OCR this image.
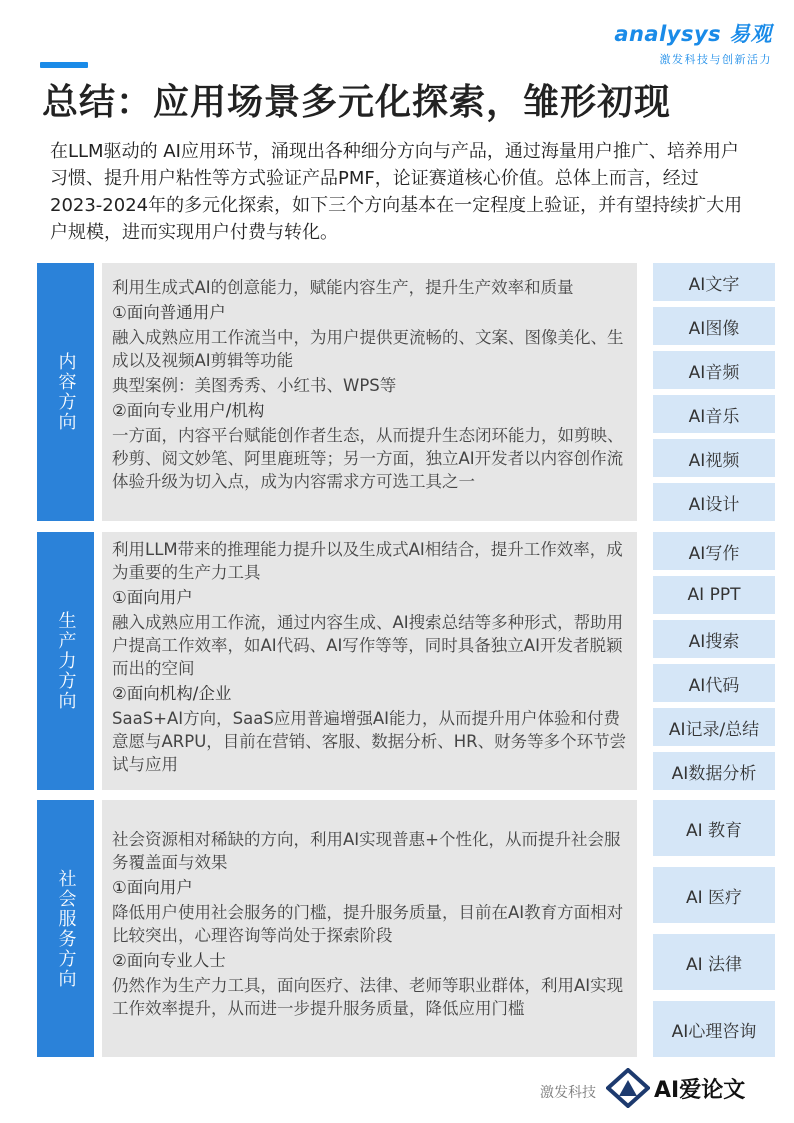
analysys 易观
激发科技与创新活力
总结：应用场景多元化探索，雏形初现

在LLM驱动的 AI应用环节，涌现出各种细分方向与产品，通过海量用户推广、培养用户习惯、提升用户粘性等方式验证产品PMF，论证赛道核心价值。总体上而言，经过2023-2024年的多元化探索，如下三个方向基本在一定程度上验证，并有望持续扩大用户规模，进而实现用户付费与转化。

内容方向

利用生成式AI的创意能力，赋能内容生产，提升生产效率和质量

①面向普通用户

融入成熟应用工作流当中，为用户提供更流畅的、文案、图像美化、生成以及视频AI剪辑等功能

典型案例：美图秀秀、小红书、WPS等

②面向专业用户/机构

一方面，内容平台赋能创作者生态，从而提升生态闭环能力，如剪映、秒剪、阅文妙笔、阿里鹿班等；另一方面，独立AI开发者以内容创作流体验升级为切入点，成为内容需求方可选工具之一

AI文字
AI图像
AI音频
AI音乐
AI视频
AI设计
生产力方向

利用LLM带来的推理能力提升以及生成式AI相结合，提升工作效率，成为重要的生产力工具

①面向用户

融入成熟应用工作流，通过内容生成、AI搜索总结等多种形式，帮助用户提高工作效率，如AI代码、AI写作等等，同时具备独立AI开发者脱颖而出的空间

②面向机构/企业

SaaS+AI方向，SaaS应用普遍增强AI能力，从而提升用户体验和付费意愿与ARPU，目前在营销、客服、数据分析、HR、财务等多个环节尝试与应用

AI写作
AI PPT
AI搜索
AI代码
AI记录/总结
AI数据分析
社会服务方向

社会资源相对稀缺的方向，利用AI实现普惠+个性化，从而提升社会服务覆盖面与效果

①面向用户

降低用户使用社会服务的门槛，提升服务质量，目前在AI教育方面相对比较突出，心理咨询等尚处于探索阶段

②面向专业人士

仍然作为生产力工具，面向医疗、法律、老师等职业群体，利用AI实现工作效率提升，从而进一步提升服务质量，降低应用门槛

AI 教育
AI 医疗
AI 法律
AI心理咨询
激发科技	AI爱论文
